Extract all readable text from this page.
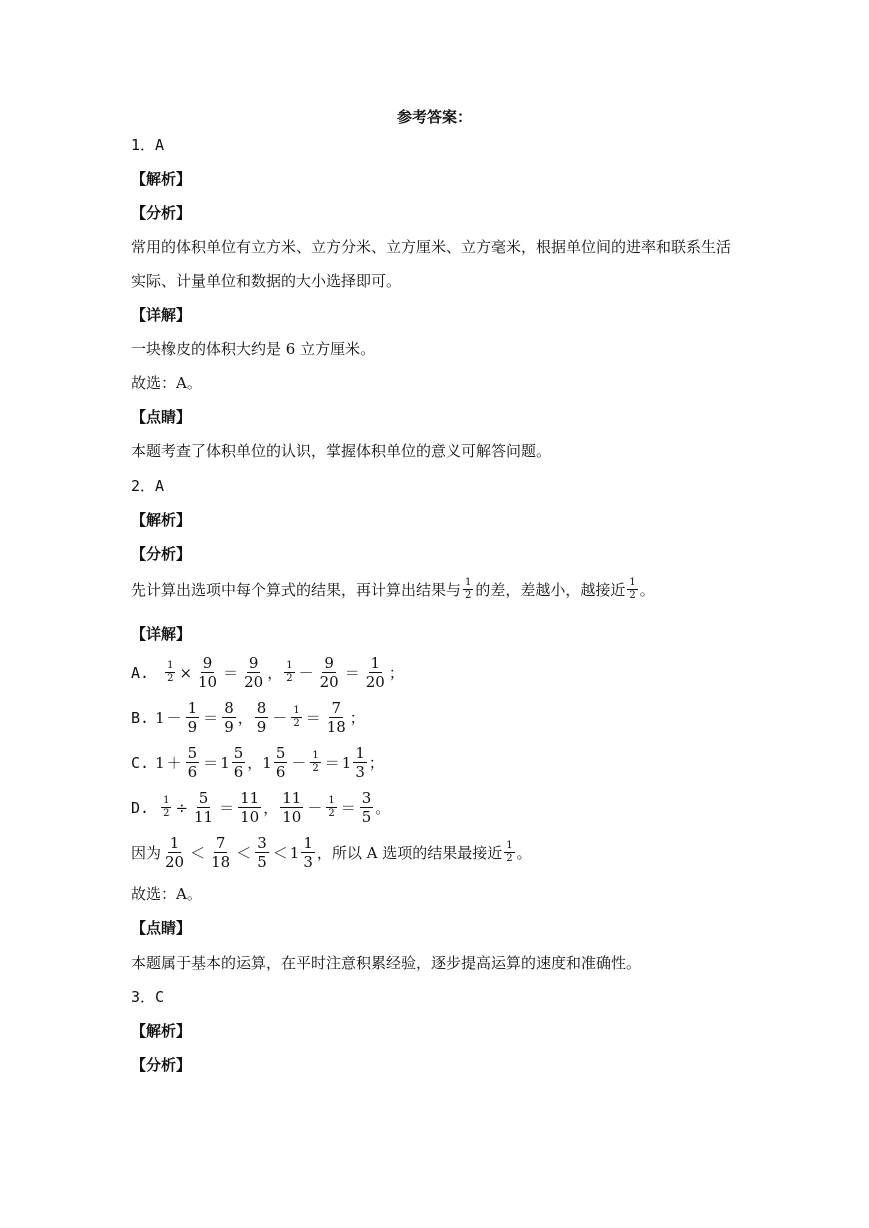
参考答案：
1．A
【解析】
【分析】
常用的体积单位有立方米、立方分米、立方厘米、立方毫米，根据单位间的进率和联系生活
实际、计量单位和数据的大小选择即可。
【详解】
一块橡皮的体积大约是 6 立方厘米。
故选：A。
【点睛】
本题考查了体积单位的认识，掌握体积单位的意义可解答问题。
2．A
【解析】
【分析】
先计算出选项中每个算式的结果，再计算出结果与 1
2 的差，差越小，越接近 1
2 。
【详解】
A. $\frac{1}{2} \times \frac{9}{10}$ ＝
9
20 ， 1
2 －
9
20 ＝
1
20 ；
B. 1 －
1
9 ＝
8
9 ，
8
9 － 1
2 ＝
7
18 ；
C. 1 ＋
5
6 ＝ 1
5
6 ， 1
5
6 － 1
2 ＝ 1
1
3 ；
D. $\frac{1}{2} \div \frac{5}{11}$ ＝
11
10 ，
11
10 － 1
2 ＝
3
5 。
因为
1
20 ＜
7
18 ＜
3
5 ＜ 1
1
3 ，所以 A 选项的结果最接近 1
2 。
故选：A。
【点睛】
本题属于基本的运算，在平时注意积累经验，逐步提高运算的速度和准确性。
3．C
【解析】
【分析】
